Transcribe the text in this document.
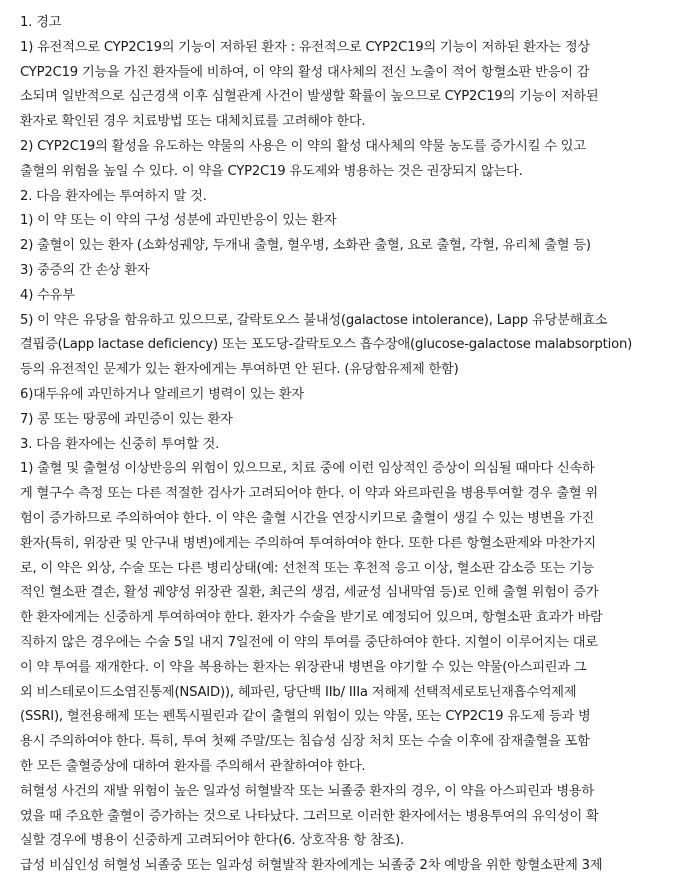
1. 경고

1) 유전적으로 CYP2C19의 기능이 저하된 환자 : 유전적으로 CYP2C19의 기능이 저하된 환자는 정상

CYP2C19 기능을 가진 환자들에 비하여, 이 약의 활성 대사체의 전신 노출이 적어 항혈소판 반응이 감

소되며 일반적으로 심근경색 이후 심혈관계 사건이 발생할 확률이 높으므로 CYP2C19의 기능이 저하된

환자로 확인된 경우 치료방법 또는 대체치료를 고려해야 한다.

2) CYP2C19의 활성을 유도하는 약물의 사용은 이 약의 활성 대사체의 약물 농도를 증가시킬 수 있고

출혈의 위험을 높일 수 있다. 이 약을 CYP2C19 유도제와 병용하는 것은 권장되지 않는다.

2. 다음 환자에는 투여하지 말 것.

1) 이 약 또는 이 약의 구성 성분에 과민반응이 있는 환자

2) 출혈이 있는 환자 (소화성궤양, 두개내 출혈, 혈우병, 소화관 출혈, 요로 출혈, 각혈, 유리체 출혈 등)

3) 중증의 간 손상 환자

4) 수유부

5) 이 약은 유당을 함유하고 있으므로, 갈락토오스 불내성(galactose intolerance), Lapp 유당분해효소

결핍증(Lapp lactase deficiency) 또는 포도당-갈락토오스 흡수장애(glucose-galactose malabsorption)

등의 유전적인 문제가 있는 환자에게는 투여하면 안 된다. (유당함유제제 한함)

6)대두유에 과민하거나 알레르기 병력이 있는 환자

7) 콩 또는 땅콩에 과민증이 있는 환자

3. 다음 환자에는 신중히 투여할 것.

1) 출혈 및 출혈성 이상반응의 위험이 있으므로, 치료 중에 이런 임상적인 증상이 의심될 때마다 신속하

게 혈구수 측정 또는 다른 적절한 검사가 고려되어야 한다. 이 약과 와르파린을 병용투여할 경우 출혈 위

험이 증가하므로 주의하여야 한다. 이 약은 출혈 시간을 연장시키므로 출혈이 생길 수 있는 병변을 가진

환자(특히, 위장관 및 안구내 병변)에게는 주의하여 투여하여야 한다. 또한 다른 항혈소판제와 마찬가지

로, 이 약은 외상, 수술 또는 다른 병리상태(예: 선천적 또는 후천적 응고 이상, 혈소판 감소증 또는 기능

적인 혈소판 결손, 활성 궤양성 위장관 질환, 최근의 생검, 세균성 심내막염 등)로 인해 출혈 위험이 증가

한 환자에게는 신중하게 투여하여야 한다. 환자가 수술을 받기로 예정되어 있으며, 항혈소판 효과가 바람

직하지 않은 경우에는 수술 5일 내지 7일전에 이 약의 투여를 중단하여야 한다. 지혈이 이루어지는 대로

이 약 투여를 재개한다. 이 약을 복용하는 환자는 위장관내 병변을 야기할 수 있는 약물(아스피린과 그

외 비스테로이드소염진통제(NSAID)), 헤파린, 당단백 IIb/ IIIa 저해제 선택적세로토닌재흡수억제제

(SSRI), 혈전용해제 또는 펜톡시필린과 같이 출혈의 위험이 있는 약물, 또는 CYP2C19 유도제 등과 병

용시 주의하여야 한다. 특히, 투여 첫째 주말/또는 침습성 심장 처치 또는 수술 이후에 잠재출혈을 포함

한 모든 출혈증상에 대하여 환자를 주의해서 관찰하여야 한다.

허혈성 사건의 재발 위험이 높은 일과성 허혈발작 또는 뇌졸중 환자의 경우, 이 약을 아스피린과 병용하

였을 때 주요한 출혈이 증가하는 것으로 나타났다. 그러므로 이러한 환자에서는 병용투여의 유익성이 확

실할 경우에 병용이 신중하게 고려되어야 한다(6. 상호작용 항 참조).

급성 비심인성 허혈성 뇌졸중 또는 일과성 허혈발작 환자에게는 뇌졸중 2차 예방을 위한 항혈소판제 3제
